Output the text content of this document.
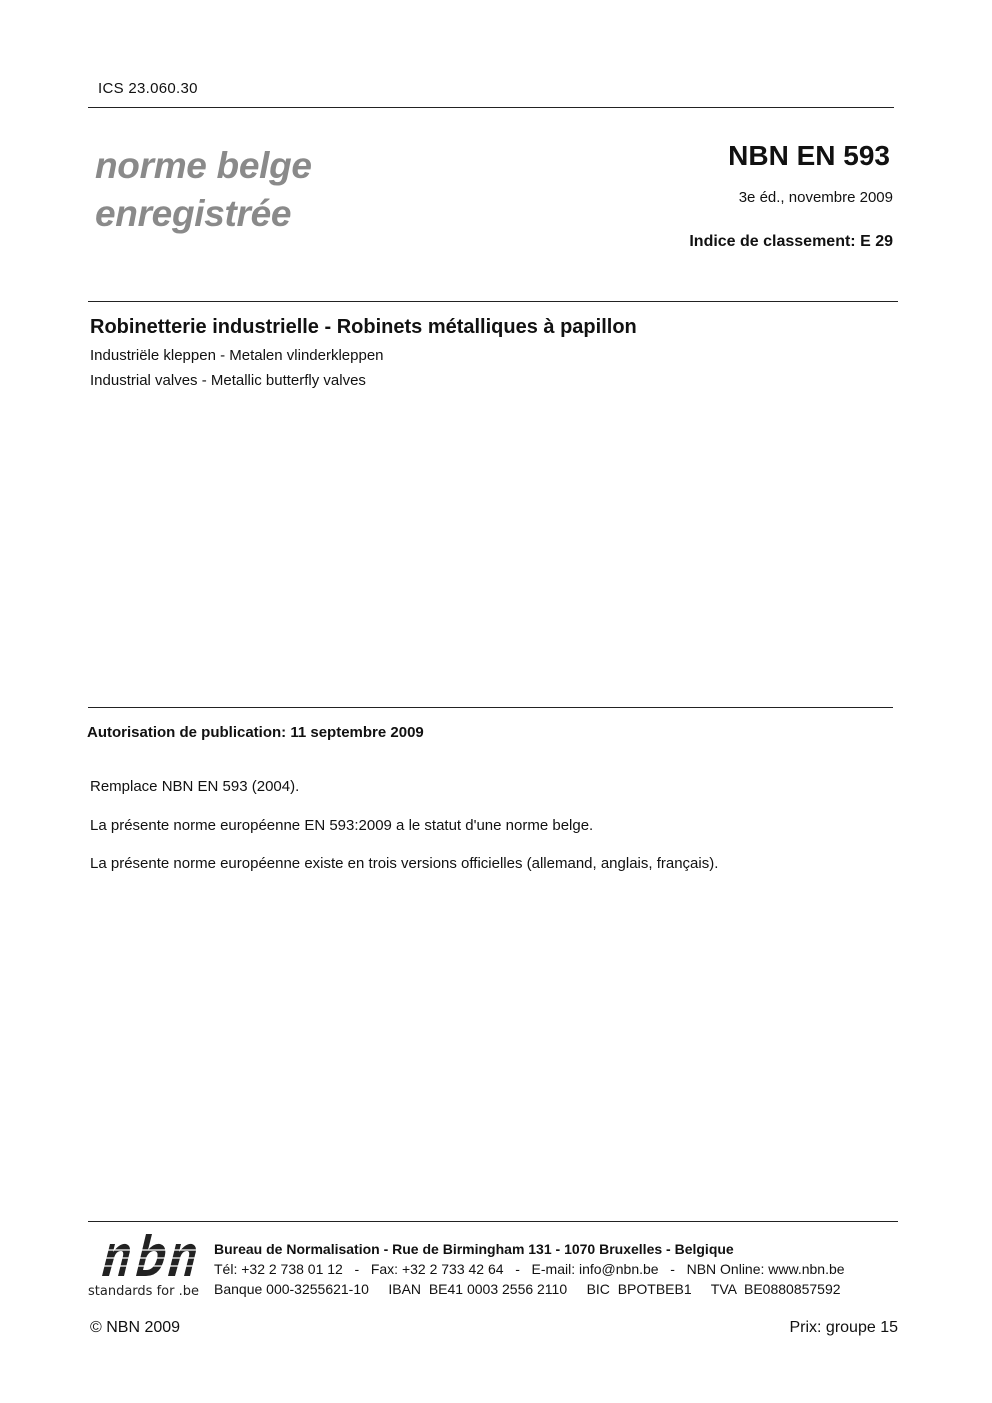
ICS 23.060.30
norme belge
enregistrée
NBN EN 593
3e éd., novembre 2009
Indice de classement: E 29
Robinetterie industrielle - Robinets métalliques à papillon
Industriële kleppen - Metalen vlinderkleppen
Industrial valves - Metallic butterfly valves
Autorisation de publication: 11 septembre 2009
Remplace NBN EN 593 (2004).
La présente norme européenne EN 593:2009 a le statut d'une norme belge.
La présente norme européenne existe en trois versions officielles (allemand, anglais, français).
standards for .be
Bureau de Normalisation - Rue de Birmingham 131 - 1070 Bruxelles - Belgique
Tél: +32 2 738 01 12   -   Fax: +32 2 733 42 64   -   E-mail: info@nbn.be   -   NBN Online: www.nbn.be
Banque 000-3255621-10     IBAN  BE41 0003 2556 2110     BIC  BPOTBEB1     TVA  BE0880857592
© NBN 2009	Prix: groupe 15
